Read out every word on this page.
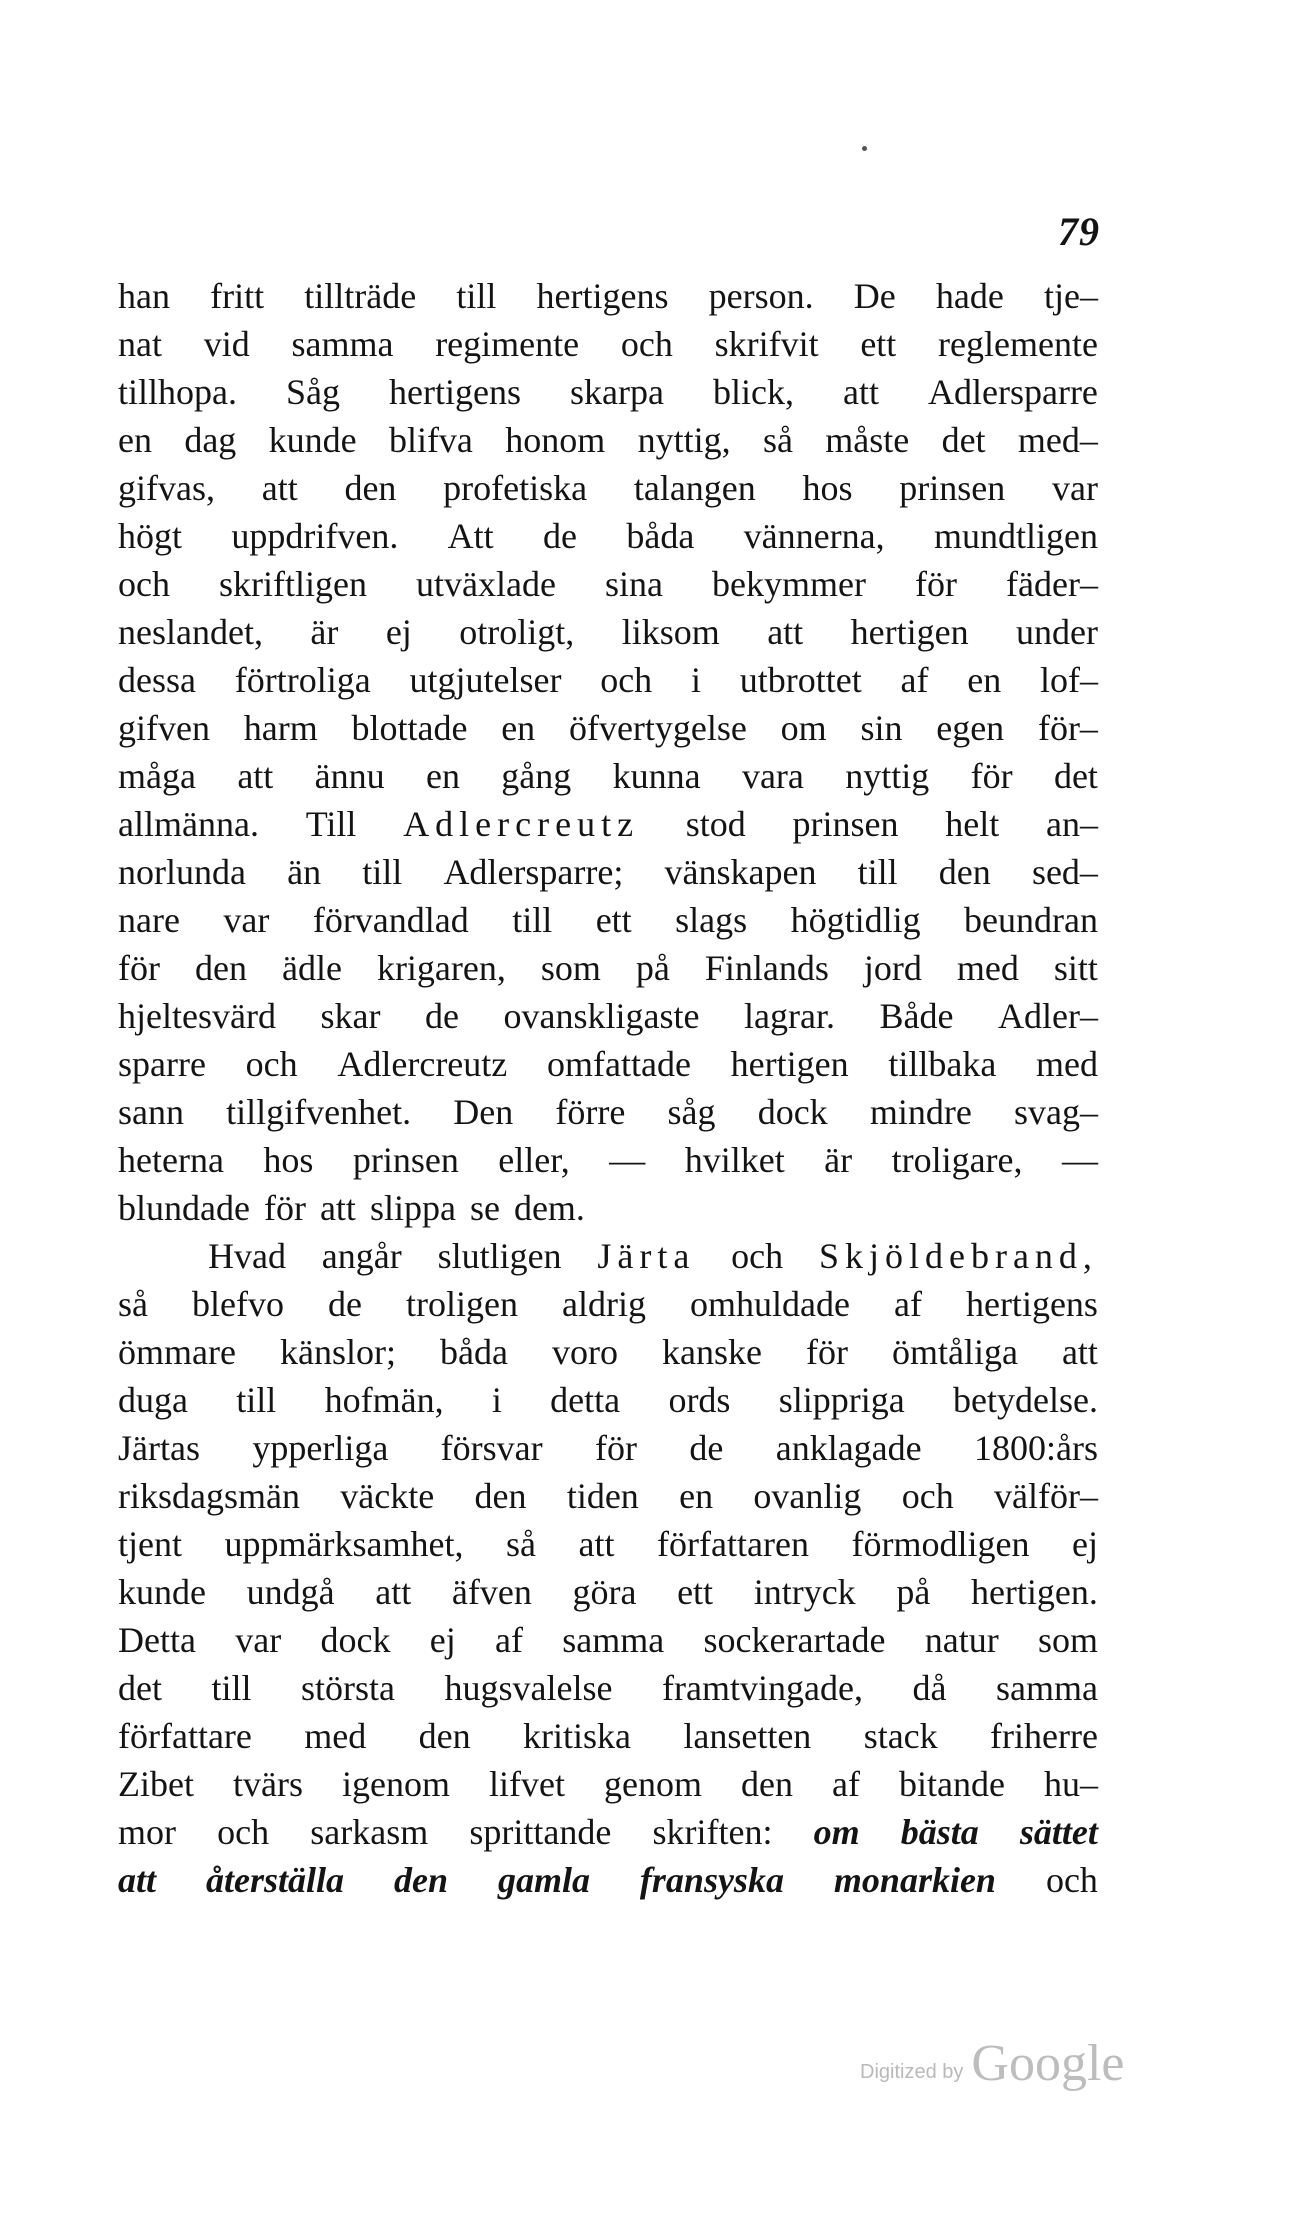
79
han fritt tillträde till hertigens person. De hade tje–
nat vid samma regimente och skrifvit ett reglemente
tillhopa. Såg hertigens skarpa blick, att Adlersparre
en dag kunde blifva honom nyttig, så måste det med–
gifvas, att den profetiska talangen hos prinsen var
högt uppdrifven. Att de båda vännerna, mundtligen
och skriftligen utväxlade sina bekymmer för fäder–
neslandet, är ej otroligt, liksom att hertigen under
dessa förtroliga utgjutelser och i utbrottet af en lof–
gifven harm blottade en öfvertygelse om sin egen för–
måga att ännu en gång kunna vara nyttig för det
allmänna. Till Adlercreutz stod prinsen helt an–
norlunda än till Adlersparre; vänskapen till den sed–
nare var förvandlad till ett slags högtidlig beundran
för den ädle krigaren, som på Finlands jord med sitt
hjeltesvärd skar de ovanskligaste lagrar. Både Adler–
sparre och Adlercreutz omfattade hertigen tillbaka med
sann tillgifvenhet. Den förre såg dock mindre svag–
heterna hos prinsen eller, — hvilket är troligare, —
blundade för att slippa se dem.
Hvad angår slutligen Järta och Skjöldebrand,
så blefvo de troligen aldrig omhuldade af hertigens
ömmare känslor; båda voro kanske för ömtåliga att
duga till hofmän, i detta ords slippriga betydelse.
Järtas ypperliga försvar för de anklagade 1800:års
riksdagsmän väckte den tiden en ovanlig och välför–
tjent uppmärksamhet, så att författaren förmodligen ej
kunde undgå att äfven göra ett intryck på hertigen.
Detta var dock ej af samma sockerartade natur som
det till största hugsvalelse framtvingade, då samma
författare med den kritiska lansetten stack friherre
Zibet tvärs igenom lifvet genom den af bitande hu–
mor och sarkasm sprittande skriften: om bästa sättet
att återställa den gamla fransyska monarkien och
Digitized by Google
